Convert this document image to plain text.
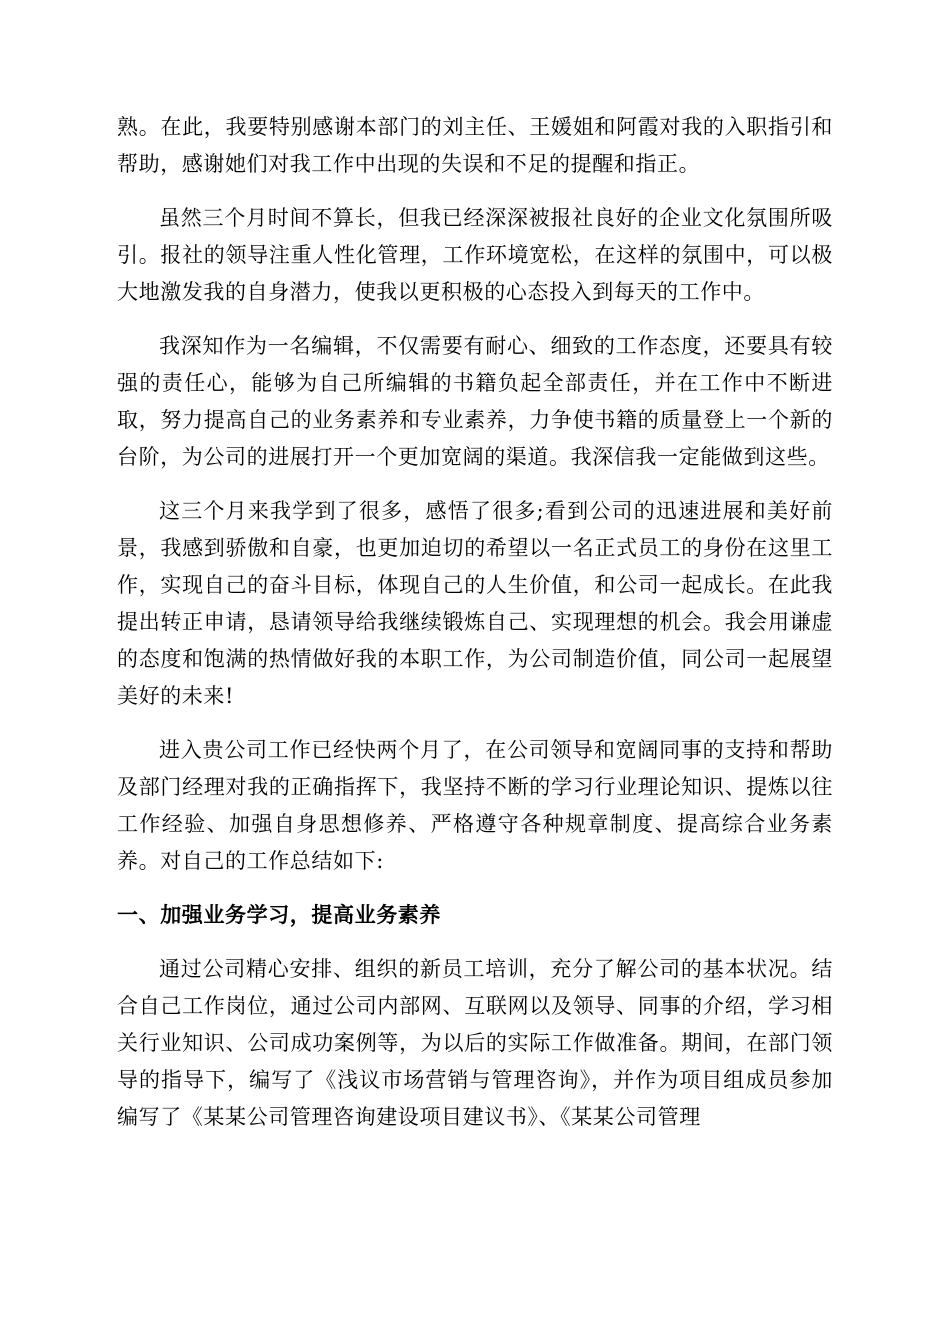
熟。在此，我要特别感谢本部门的刘主任、王媛姐和阿霞对我的入职指引和帮助，感谢她们对我工作中出现的失误和不足的提醒和指正。

虽然三个月时间不算长，但我已经深深被报社良好的企业文化氛围所吸引。报社的领导注重人性化管理，工作环境宽松，在这样的氛围中，可以极大地激发我的自身潜力，使我以更积极的心态投入到每天的工作中。

我深知作为一名编辑，不仅需要有耐心、细致的工作态度，还要具有较强的责任心，能够为自己所编辑的书籍负起全部责任，并在工作中不断进取，努力提高自己的业务素养和专业素养，力争使书籍的质量登上一个新的台阶，为公司的进展打开一个更加宽阔的渠道。我深信我一定能做到这些。

这三个月来我学到了很多，感悟了很多;看到公司的迅速进展和美好前景，我感到骄傲和自豪，也更加迫切的希望以一名正式员工的身份在这里工作，实现自己的奋斗目标，体现自己的人生价值，和公司一起成长。在此我提出转正申请，恳请领导给我继续锻炼自己、实现理想的机会。我会用谦虚的态度和饱满的热情做好我的本职工作，为公司制造价值，同公司一起展望美好的未来!

进入贵公司工作已经快两个月了，在公司领导和宽阔同事的支持和帮助及部门经理对我的正确指挥下，我坚持不断的学习行业理论知识、提炼以往工作经验、加强自身思想修养、严格遵守各种规章制度、提高综合业务素养。对自己的工作总结如下:

一、加强业务学习，提高业务素养

通过公司精心安排、组织的新员工培训，充分了解公司的基本状况。结合自己工作岗位，通过公司内部网、互联网以及领导、同事的介绍，学习相关行业知识、公司成功案例等，为以后的实际工作做准备。期间，在部门领导的指导下，编写了《浅议市场营销与管理咨询》，并作为项目组成员参加编写了《某某公司管理咨询建设项目建议书》、《某某公司管理
